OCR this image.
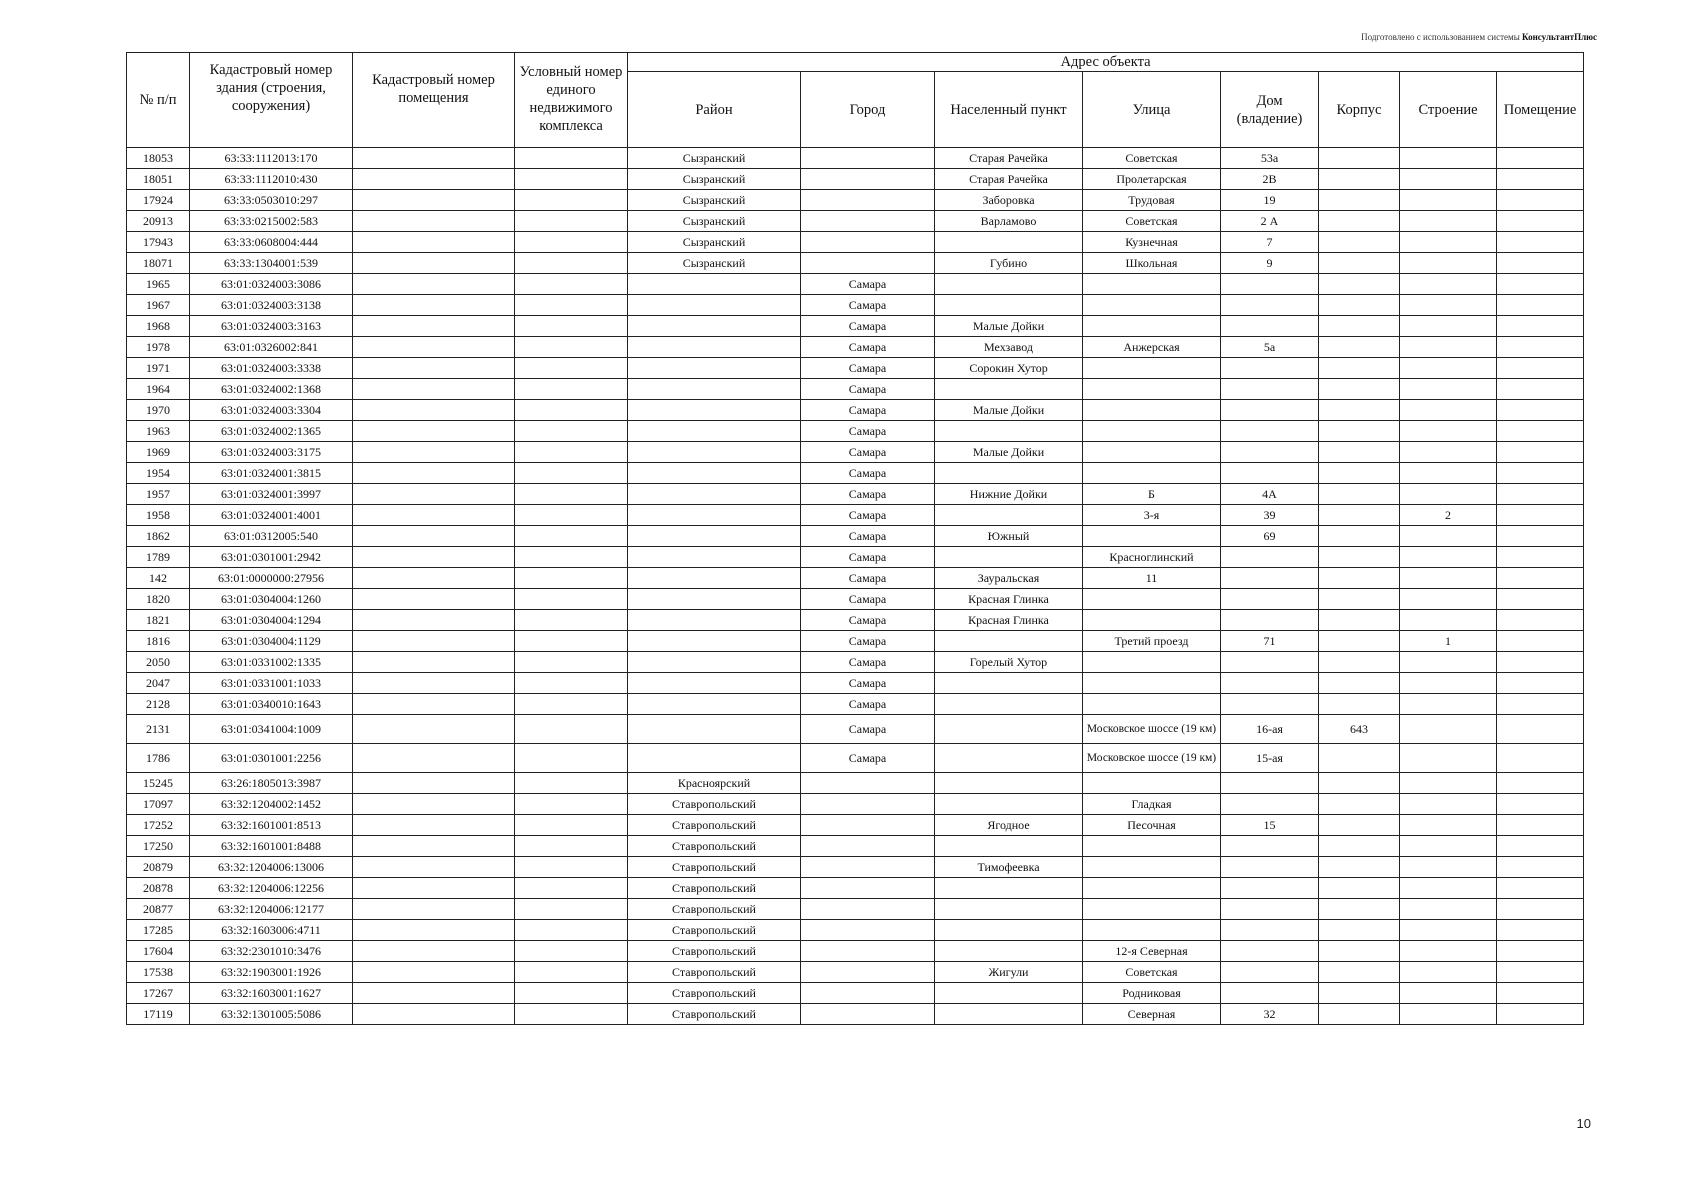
Подготовлено с использованием системы КонсультантПлюс
№ п/п	Кадастровый номер здания (строения, сооружения)	Кадастровый номер помещения	Условный номер единого недвижимого комплекса	Адрес объекта							
				Район	Город	Населенный пункт	Улица	Дом (владение)	Корпус	Строение	Помещение
18053	63:33:1112013:170			Сызранский		Старая Рачейка	Советская	53а			
18051	63:33:1112010:430			Сызранский		Старая Рачейка	Пролетарская	2В			
17924	63:33:0503010:297			Сызранский		Заборовка	Трудовая	19			
20913	63:33:0215002:583			Сызранский		Варламово	Советская	2 А			
17943	63:33:0608004:444			Сызранский			Кузнечная	7			
18071	63:33:1304001:539			Сызранский		Губино	Школьная	9			
1965	63:01:0324003:3086				Самара						
1967	63:01:0324003:3138				Самара						
1968	63:01:0324003:3163				Самара	Малые Дойки					
1978	63:01:0326002:841				Самара	Мехзавод	Анжерская	5а			
1971	63:01:0324003:3338				Самара	Сорокин Хутор					
1964	63:01:0324002:1368				Самара						
1970	63:01:0324003:3304				Самара	Малые Дойки					
1963	63:01:0324002:1365				Самара						
1969	63:01:0324003:3175				Самара	Малые Дойки					
1954	63:01:0324001:3815				Самара						
1957	63:01:0324001:3997				Самара	Нижние Дойки	Б	4А			
1958	63:01:0324001:4001				Самара		3-я	39		2	
1862	63:01:0312005:540				Самара	Южный		69			
1789	63:01:0301001:2942				Самара		Красноглинский				
142	63:01:0000000:27956				Самара	Зауральская	11				
1820	63:01:0304004:1260				Самара	Красная Глинка					
1821	63:01:0304004:1294				Самара	Красная Глинка					
1816	63:01:0304004:1129				Самара		Третий проезд	71		1	
2050	63:01:0331002:1335				Самара	Горелый Хутор					
2047	63:01:0331001:1033				Самара						
2128	63:01:0340010:1643				Самара						
2131	63:01:0341004:1009				Самара		Московское шоссе (19 км)	16-ая	643		
1786	63:01:0301001:2256				Самара		Московское шоссе (19 км)	15-ая			
15245	63:26:1805013:3987			Красноярский							
17097	63:32:1204002:1452			Ставропольский			Гладкая				
17252	63:32:1601001:8513			Ставропольский		Ягодное	Песочная	15			
17250	63:32:1601001:8488			Ставропольский							
20879	63:32:1204006:13006			Ставропольский		Тимофеевка					
20878	63:32:1204006:12256			Ставропольский							
20877	63:32:1204006:12177			Ставропольский							
17285	63:32:1603006:4711			Ставропольский							
17604	63:32:2301010:3476			Ставропольский			12-я Северная				
17538	63:32:1903001:1926			Ставропольский		Жигули	Советская				
17267	63:32:1603001:1627			Ставропольский			Родниковая				
17119	63:32:1301005:5086			Ставропольский			Северная	32			
10
